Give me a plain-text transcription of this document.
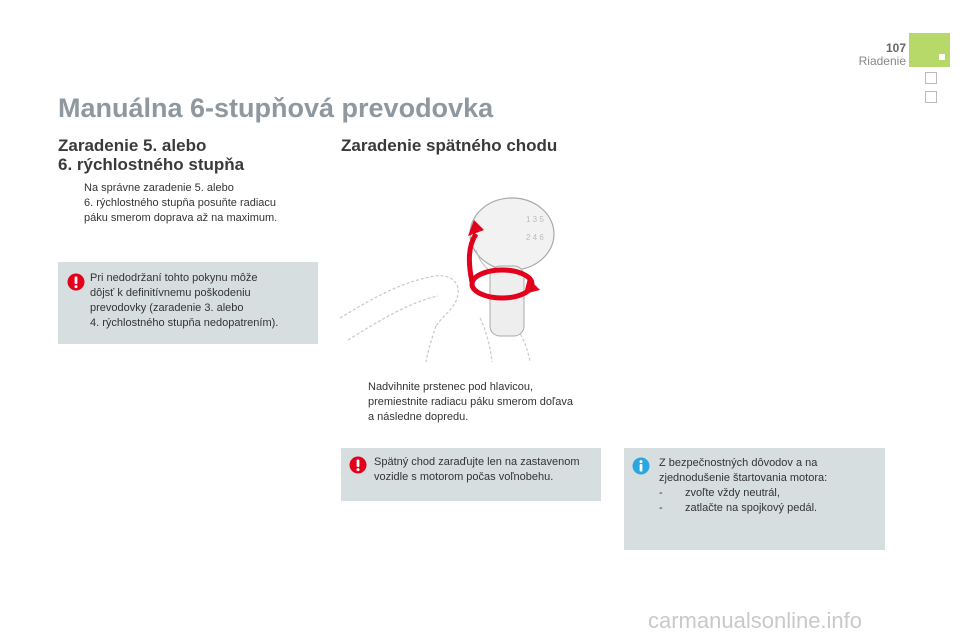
107
Riadenie
Manuálna 6-stupňová prevodovka
Zaradenie 5. alebo
6. rýchlostného stupňa
Na správne zaradenie 5. alebo
6. rýchlostného stupňa posuňte radiacu
páku smerom doprava až na maximum.
Pri nedodržaní tohto pokynu môže
dôjsť k definitívnemu poškodeniu
prevodovky (zaradenie 3. alebo
4. rýchlostného stupňa nedopatrením).
Zaradenie spätného chodu
1 3 5
2 4 6
Nadvihnite prstenec pod hlavicou,
premiestnite radiacu páku smerom doľava
a následne dopredu.
Spätný chod zaraďujte len na zastavenom
vozidle s motorom počas voľnobehu.
Z bezpečnostných dôvodov a na
zjednodušenie štartovania motora:
- zvoľte vždy neutrál,
- zatlačte na spojkový pedál.
carmanualsonline.info
